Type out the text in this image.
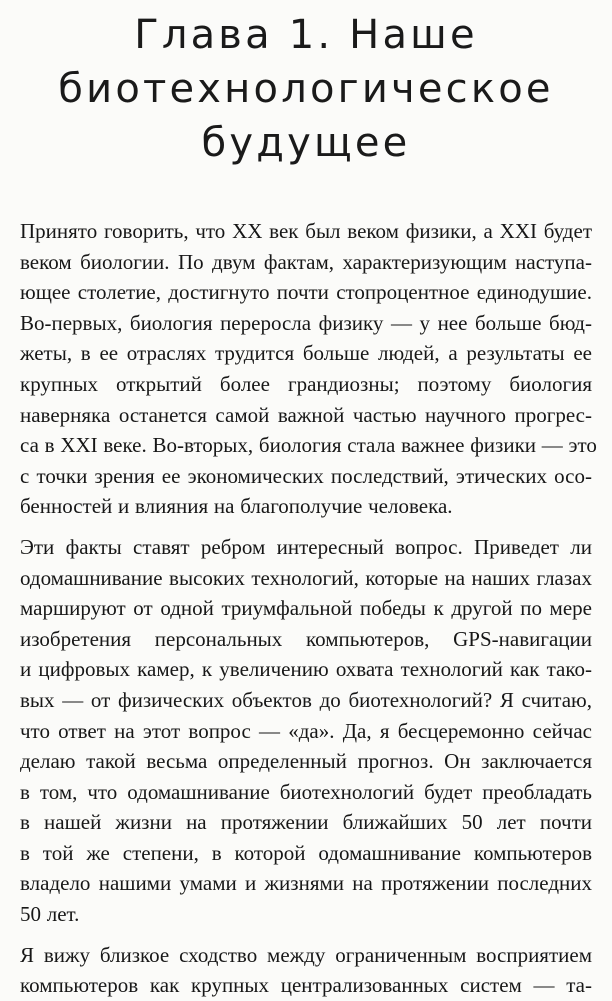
Глава 1. Наше
биотехнологическое
будущее

Принято говорить, что XX век был веком физики, а XXI будет
веком биологии. По двум фактам, характеризующим наступа-
ющее столетие, достигнуто почти стопроцентное единодушие.
Во-первых, биология переросла физику — у нее больше бюд-
жеты, в ее отраслях трудится больше людей, а результаты ее
крупных открытий более грандиозны; поэтому биология
наверняка останется самой важной частью научного прогрес-
са в XXI веке. Во-вторых, биология стала важнее физики — это
с точки зрения ее экономических последствий, этических осо-
бенностей и влияния на благополучие человека.

Эти факты ставят ребром интересный вопрос. Приведет ли
одомашнивание высоких технологий, которые на наших глазах
маршируют от одной триумфальной победы к другой по мере
изобретения персональных компьютеров, GPS-навигации
и цифровых камер, к увеличению охвата технологий как тако-
вых — от физических объектов до биотехнологий? Я считаю,
что ответ на этот вопрос — «да». Да, я бесцеремонно сейчас
делаю такой весьма определенный прогноз. Он заключается
в том, что одомашнивание биотехнологий будет преобладать
в нашей жизни на протяжении ближайших 50 лет почти
в той же степени, в которой одомашнивание компьютеров
владело нашими умами и жизнями на протяжении последних
50 лет.

Я вижу близкое сходство между ограниченным восприятием
компьютеров как крупных централизованных систем — та-
